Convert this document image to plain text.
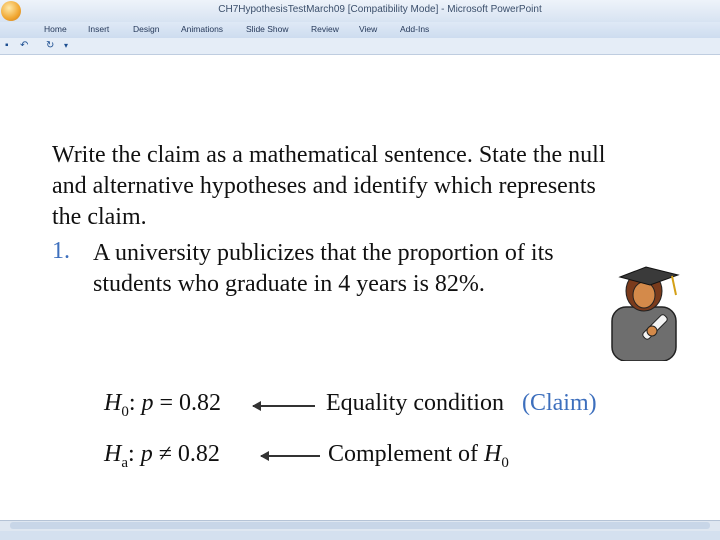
CH7HypothesisTestMarch09 [Compatibility Mode] - Microsoft PowerPoint
Home	Insert	Design	Animations	Slide Show	Review View	Add-Ins
▪ ↶ ↻ ▾
Write the claim as a mathematical sentence. State the null
and alternative hypotheses and identify which represents
the claim.
1. A university publicizes that the proportion of its
students who graduate in 4 years is 82%.
$H_0$: p = 0.82	Equality condition (Claim)
$H_a$: p ≠ 0.82	Complement of $H_0$
